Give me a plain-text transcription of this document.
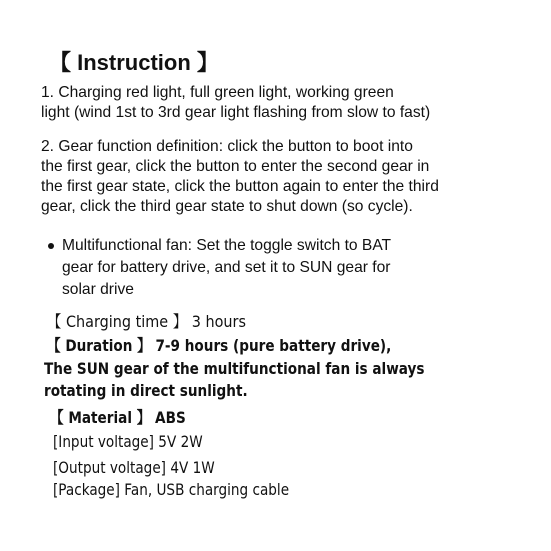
【 Instruction 】
1. Charging red light, full green light, working green
light (wind 1st to 3rd gear light flashing from slow to fast)
2. Gear function definition: click the button to boot into
the first gear, click the button to enter the second gear in
the first gear state, click the button again to enter the third
gear, click the third gear state to shut down (so cycle).
Multifunctional fan: Set the toggle switch to BAT
gear for battery drive, and set it to SUN gear for
solar drive
【 Charging time 】 3 hours
【 Duration 】 7-9 hours (pure battery drive),
The SUN gear of the multifunctional fan is always
rotating in direct sunlight.
【 Material 】 ABS
[Input voltage] 5V 2W
[Output voltage] 4V 1W
[Package] Fan, USB charging cable
